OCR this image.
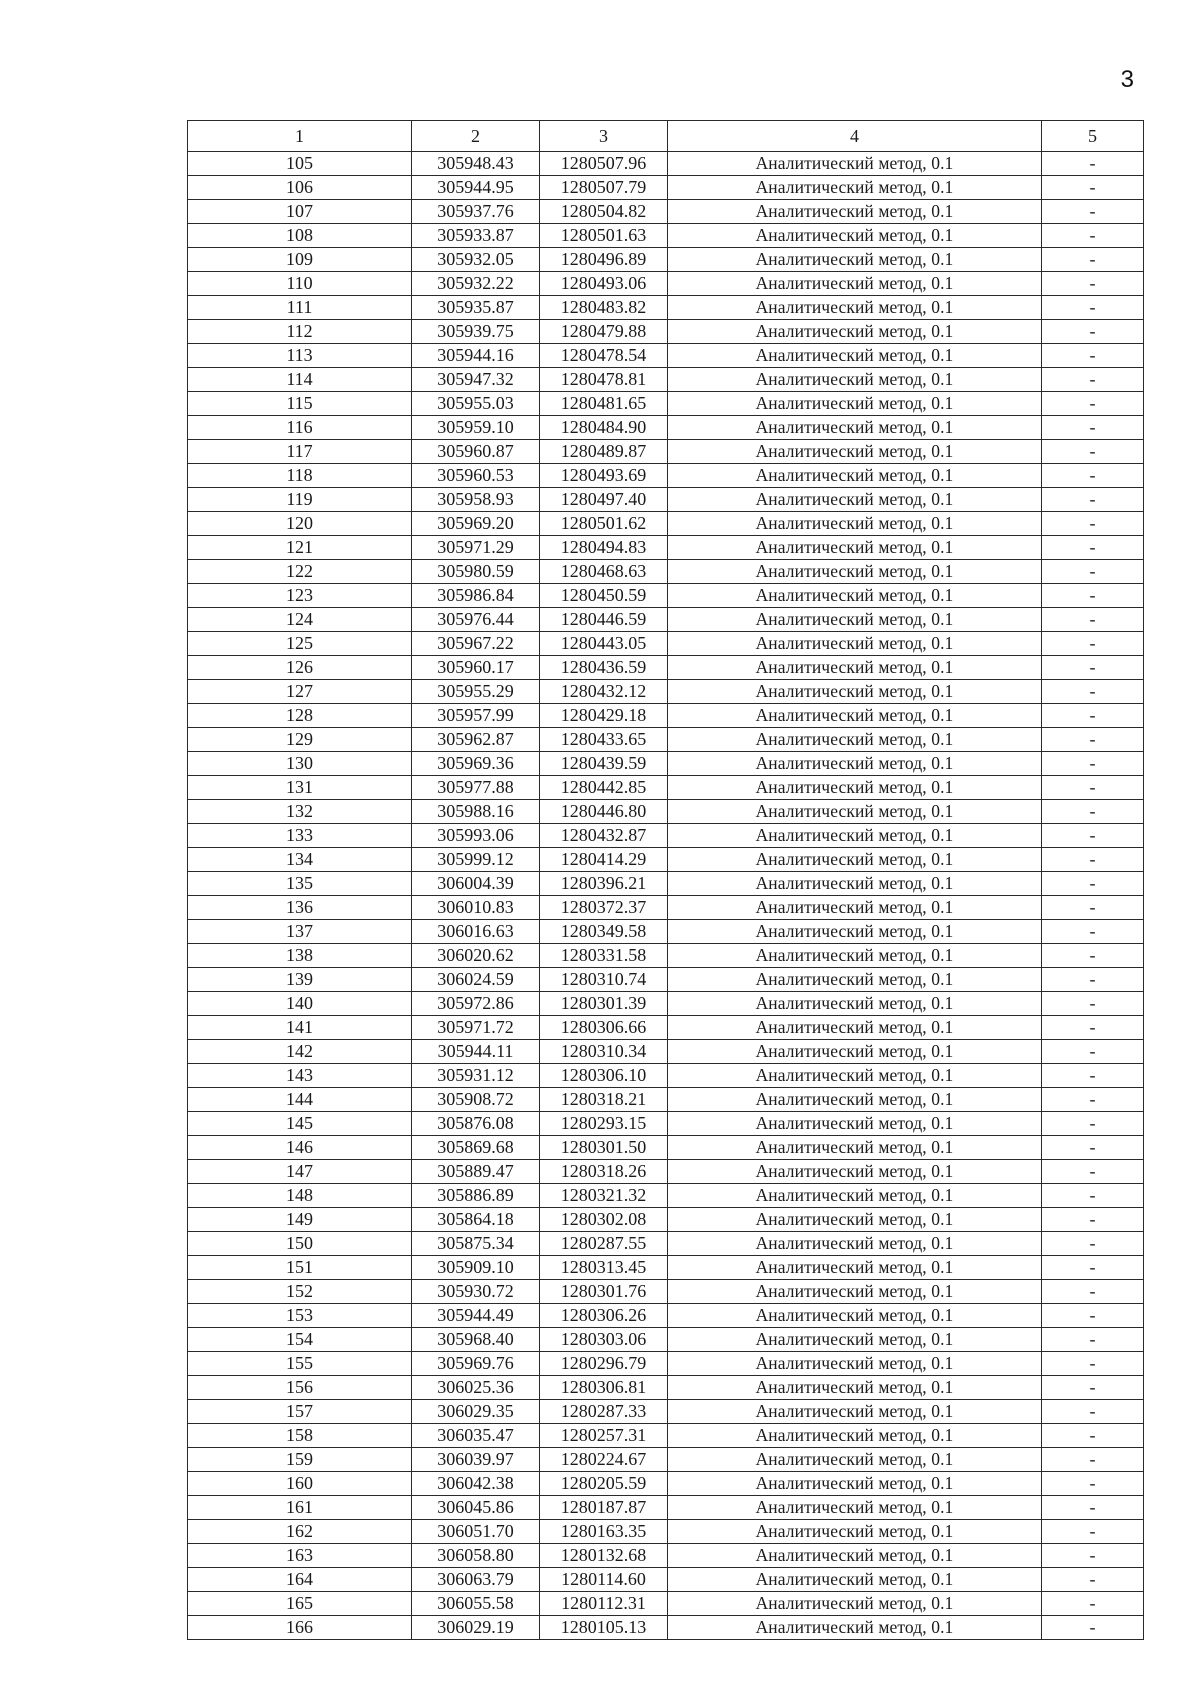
3
1	2	3	4	5
105	305948.43	1280507.96	Аналитический метод, 0.1	-
106	305944.95	1280507.79	Аналитический метод, 0.1	-
107	305937.76	1280504.82	Аналитический метод, 0.1	-
108	305933.87	1280501.63	Аналитический метод, 0.1	-
109	305932.05	1280496.89	Аналитический метод, 0.1	-
110	305932.22	1280493.06	Аналитический метод, 0.1	-
111	305935.87	1280483.82	Аналитический метод, 0.1	-
112	305939.75	1280479.88	Аналитический метод, 0.1	-
113	305944.16	1280478.54	Аналитический метод, 0.1	-
114	305947.32	1280478.81	Аналитический метод, 0.1	-
115	305955.03	1280481.65	Аналитический метод, 0.1	-
116	305959.10	1280484.90	Аналитический метод, 0.1	-
117	305960.87	1280489.87	Аналитический метод, 0.1	-
118	305960.53	1280493.69	Аналитический метод, 0.1	-
119	305958.93	1280497.40	Аналитический метод, 0.1	-
120	305969.20	1280501.62	Аналитический метод, 0.1	-
121	305971.29	1280494.83	Аналитический метод, 0.1	-
122	305980.59	1280468.63	Аналитический метод, 0.1	-
123	305986.84	1280450.59	Аналитический метод, 0.1	-
124	305976.44	1280446.59	Аналитический метод, 0.1	-
125	305967.22	1280443.05	Аналитический метод, 0.1	-
126	305960.17	1280436.59	Аналитический метод, 0.1	-
127	305955.29	1280432.12	Аналитический метод, 0.1	-
128	305957.99	1280429.18	Аналитический метод, 0.1	-
129	305962.87	1280433.65	Аналитический метод, 0.1	-
130	305969.36	1280439.59	Аналитический метод, 0.1	-
131	305977.88	1280442.85	Аналитический метод, 0.1	-
132	305988.16	1280446.80	Аналитический метод, 0.1	-
133	305993.06	1280432.87	Аналитический метод, 0.1	-
134	305999.12	1280414.29	Аналитический метод, 0.1	-
135	306004.39	1280396.21	Аналитический метод, 0.1	-
136	306010.83	1280372.37	Аналитический метод, 0.1	-
137	306016.63	1280349.58	Аналитический метод, 0.1	-
138	306020.62	1280331.58	Аналитический метод, 0.1	-
139	306024.59	1280310.74	Аналитический метод, 0.1	-
140	305972.86	1280301.39	Аналитический метод, 0.1	-
141	305971.72	1280306.66	Аналитический метод, 0.1	-
142	305944.11	1280310.34	Аналитический метод, 0.1	-
143	305931.12	1280306.10	Аналитический метод, 0.1	-
144	305908.72	1280318.21	Аналитический метод, 0.1	-
145	305876.08	1280293.15	Аналитический метод, 0.1	-
146	305869.68	1280301.50	Аналитический метод, 0.1	-
147	305889.47	1280318.26	Аналитический метод, 0.1	-
148	305886.89	1280321.32	Аналитический метод, 0.1	-
149	305864.18	1280302.08	Аналитический метод, 0.1	-
150	305875.34	1280287.55	Аналитический метод, 0.1	-
151	305909.10	1280313.45	Аналитический метод, 0.1	-
152	305930.72	1280301.76	Аналитический метод, 0.1	-
153	305944.49	1280306.26	Аналитический метод, 0.1	-
154	305968.40	1280303.06	Аналитический метод, 0.1	-
155	305969.76	1280296.79	Аналитический метод, 0.1	-
156	306025.36	1280306.81	Аналитический метод, 0.1	-
157	306029.35	1280287.33	Аналитический метод, 0.1	-
158	306035.47	1280257.31	Аналитический метод, 0.1	-
159	306039.97	1280224.67	Аналитический метод, 0.1	-
160	306042.38	1280205.59	Аналитический метод, 0.1	-
161	306045.86	1280187.87	Аналитический метод, 0.1	-
162	306051.70	1280163.35	Аналитический метод, 0.1	-
163	306058.80	1280132.68	Аналитический метод, 0.1	-
164	306063.79	1280114.60	Аналитический метод, 0.1	-
165	306055.58	1280112.31	Аналитический метод, 0.1	-
166	306029.19	1280105.13	Аналитический метод, 0.1	-
